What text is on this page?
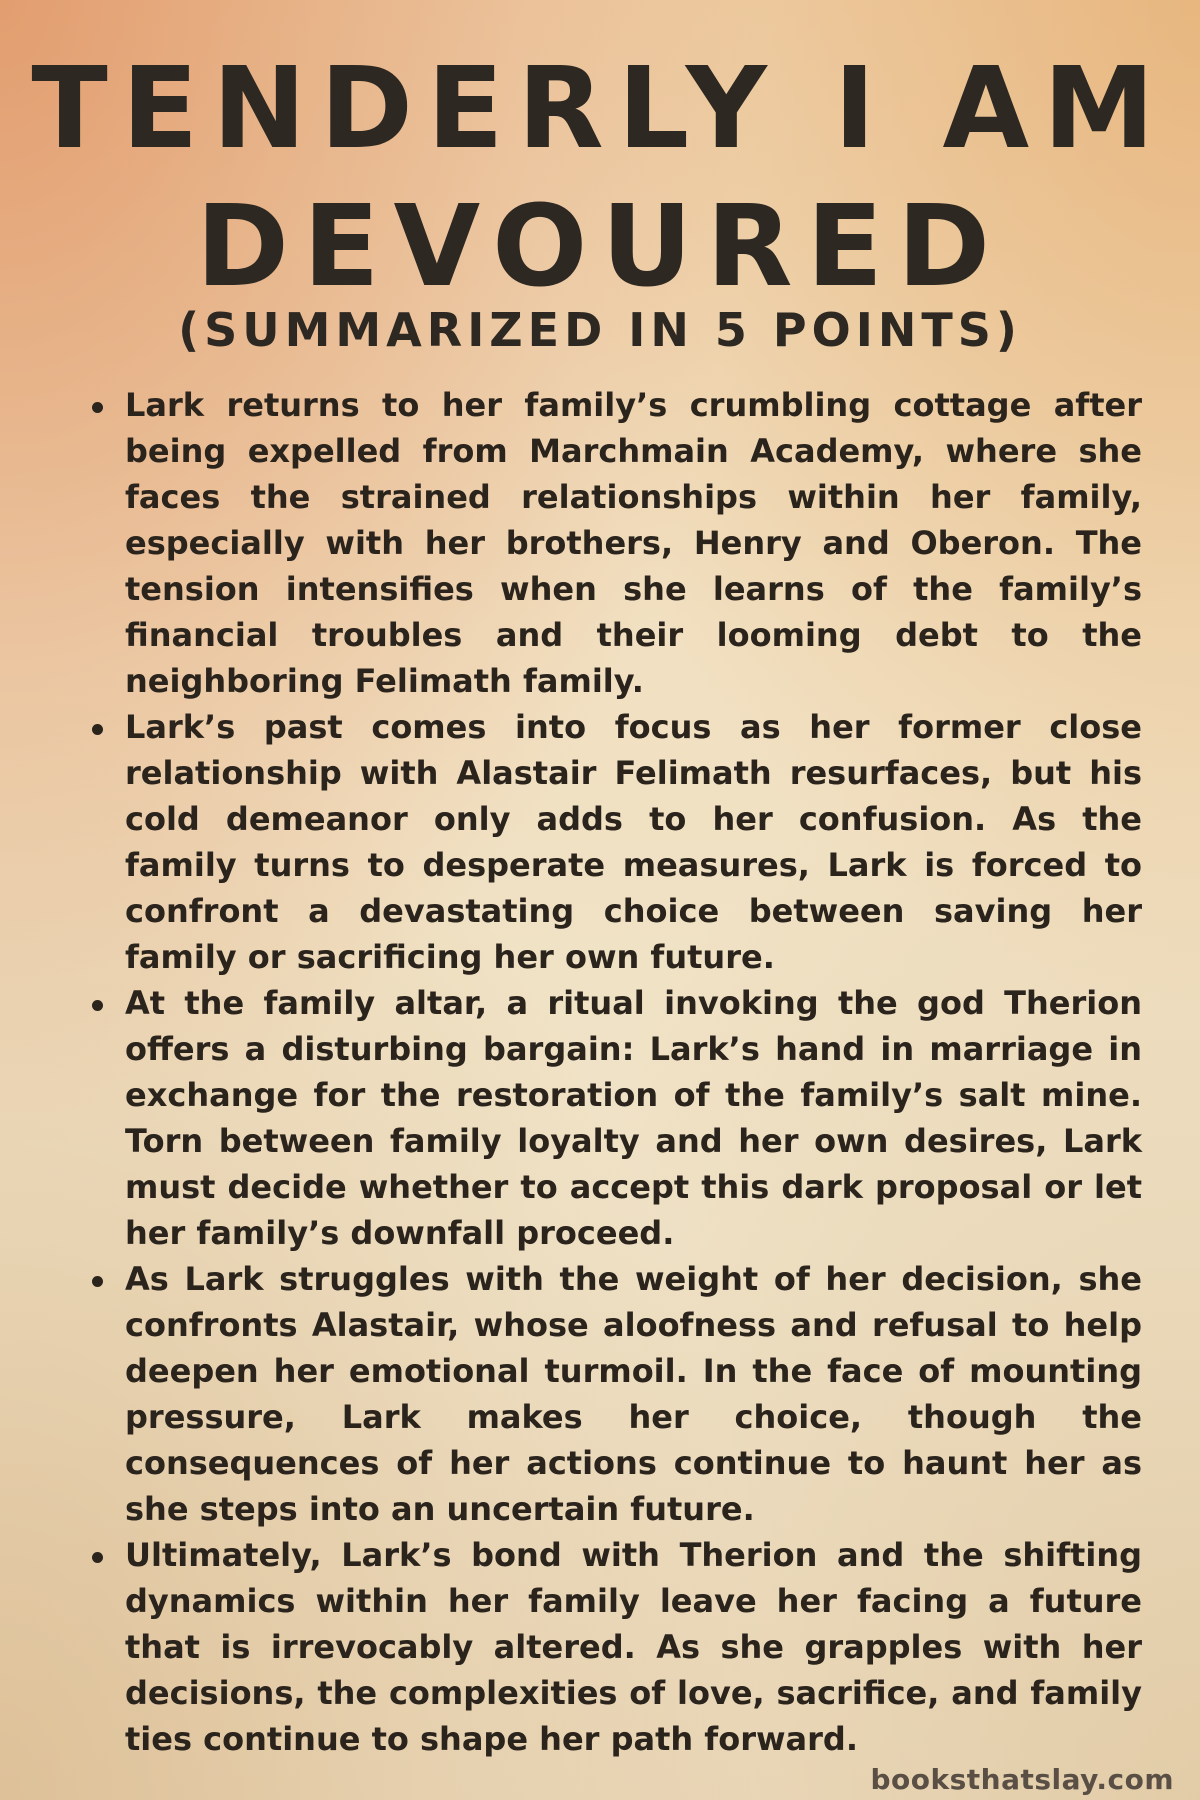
TENDERLY I AM DEVOURED
(SUMMARIZED IN 5 POINTS)
Lark returns to her family’s crumbling cottage after being expelled from Marchmain Academy, where she faces the strained relationships within her family, especially with her brothers, Henry and Oberon. The tension intensifies when she learns of the family’s financial troubles and their looming debt to the neighboring Felimath family.
Lark’s past comes into focus as her former close relationship with Alastair Felimath resurfaces, but his cold demeanor only adds to her confusion. As the family turns to desperate measures, Lark is forced to confront a devastating choice between saving her family or sacrificing her own future.
At the family altar, a ritual invoking the god Therion offers a disturbing bargain: Lark’s hand in marriage in exchange for the restoration of the family’s salt mine. Torn between family loyalty and her own desires, Lark must decide whether to accept this dark proposal or let her family’s downfall proceed.
As Lark struggles with the weight of her decision, she confronts Alastair, whose aloofness and refusal to help deepen her emotional turmoil. In the face of mounting pressure, Lark makes her choice, though the consequences of her actions continue to haunt her as she steps into an uncertain future.
Ultimately, Lark’s bond with Therion and the shifting dynamics within her family leave her facing a future that is irrevocably altered. As she grapples with her decisions, the complexities of love, sacrifice, and family ties continue to shape her path forward.
booksthatslay.com
